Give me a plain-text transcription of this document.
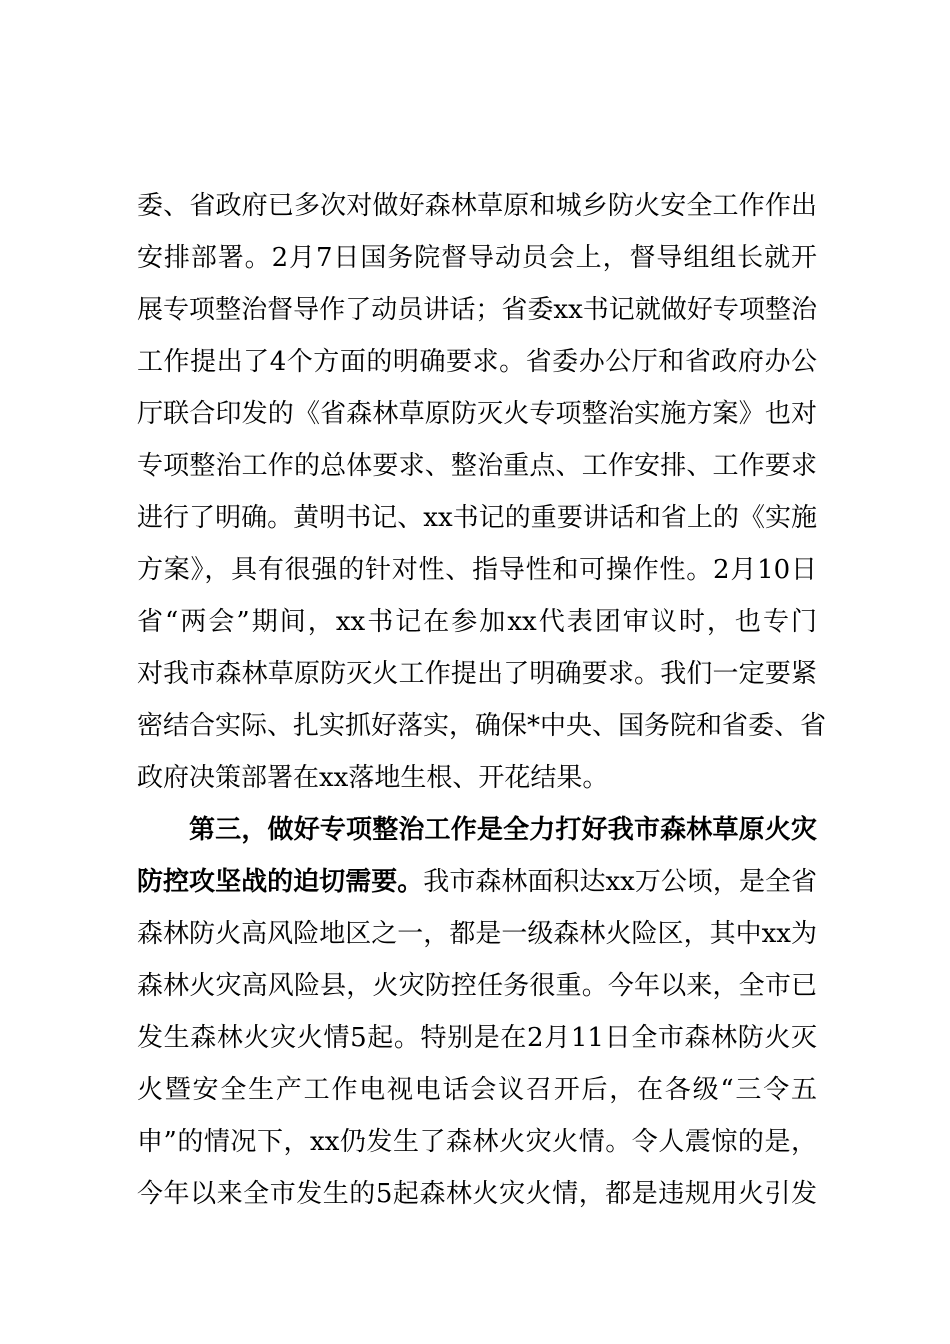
委、省政府已多次对做好森林草原和城乡防火安全工作作出
安排部署。2月7日国务院督导动员会上，督导组组长就开
展专项整治督导作了动员讲话；省委xx书记就做好专项整治
工作提出了4个方面的明确要求。省委办公厅和省政府办公
厅联合印发的《省森林草原防灭火专项整治实施方案》也对
专项整治工作的总体要求、整治重点、工作安排、工作要求
进行了明确。黄明书记、xx书记的重要讲话和省上的《实施
方案》，具有很强的针对性、指导性和可操作性。2月10日
省“两会”期间，xx书记在参加xx代表团审议时，也专门
对我市森林草原防灭火工作提出了明确要求。我们一定要紧
密结合实际、扎实抓好落实，确保*中央、国务院和省委、省
政府决策部署在xx落地生根、开花结果。
第三，做好专项整治工作是全力打好我市森林草原火灾
防控攻坚战的迫切需要。我市森林面积达xx万公顷，是全省
森林防火高风险地区之一，都是一级森林火险区，其中xx为
森林火灾高风险县，火灾防控任务很重。今年以来，全市已
发生森林火灾火情5起。特别是在2月11日全市森林防火灭
火暨安全生产工作电视电话会议召开后，在各级“三令五
申”的情况下，xx仍发生了森林火灾火情。令人震惊的是，
今年以来全市发生的5起森林火灾火情，都是违规用火引发
